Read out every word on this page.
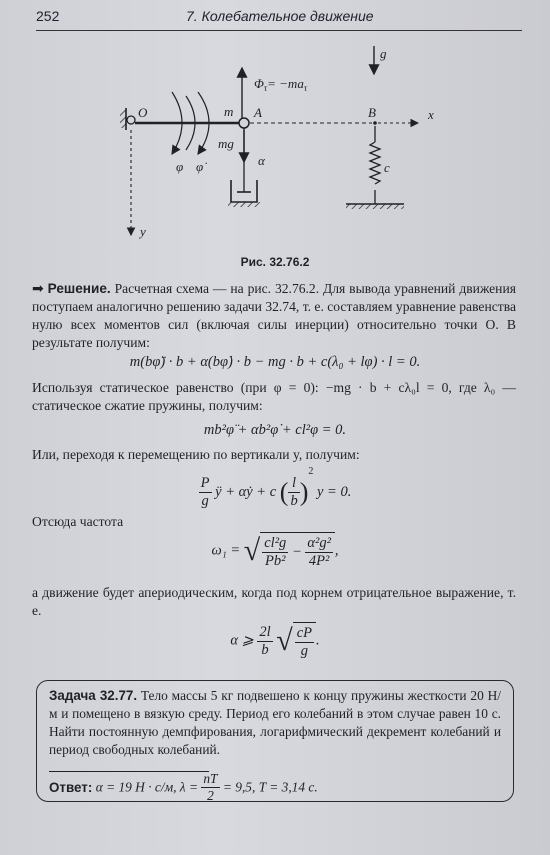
252	7. Колебательное движение
g
$\Phi_\tau= -ma_\tau$
O	m A	B	x
y
φ φ̇
mg
α	c
Рис. 32.76.2
➡ Решение. Расчетная схема — на рис. 32.76.2. Для вывода уравнений движения поступаем аналогично решению задачи 32.74, т. е. составляем уравнение равенства нулю всех моментов сил (включая силы инерции) относительно точки O. В результате получим:
m(bφ̈) · b + α(bφ̇) · b − mg · b + c(λ₀ + lφ) · l = 0.
Используя статическое равенство (при φ = 0): −mg · b + cλ₀l = 0, где λ₀ — статическое сжатие пружины, получим:
mb²φ̈ + αb²φ̇ + cl²φ = 0.
Или, переходя к перемещению по вертикали y, получим:
$\frac{P}{g}$ ÿ + αẏ + c ( $\frac{l}{b} )^2$ y = 0.
Отсюда частота
ω₁ = √ $\frac{\text{cl²g}}{\text{Pb²}} - \frac{\text{α²g²}}{\text{4P²}}$ ,
а движение будет апериодическим, когда под корнем отрицательное выражение, т. е.
α ⩾ $\frac{2l}{b}$ √ $\frac{cP}{g}$ .
Задача 32.77. Тело массы 5 кг подвешено к концу пружины жесткости 20 Н/м и помещено в вязкую среду. Период его колебаний в этом случае равен 10 с. Найти постоянную демпфирования, логарифмический декремент колебаний и период свободных колебаний.
Ответ: α = 19 Н · с/м, $\lambda = \frac{nT}{2} = 9,5$, T = 3,14 с.
